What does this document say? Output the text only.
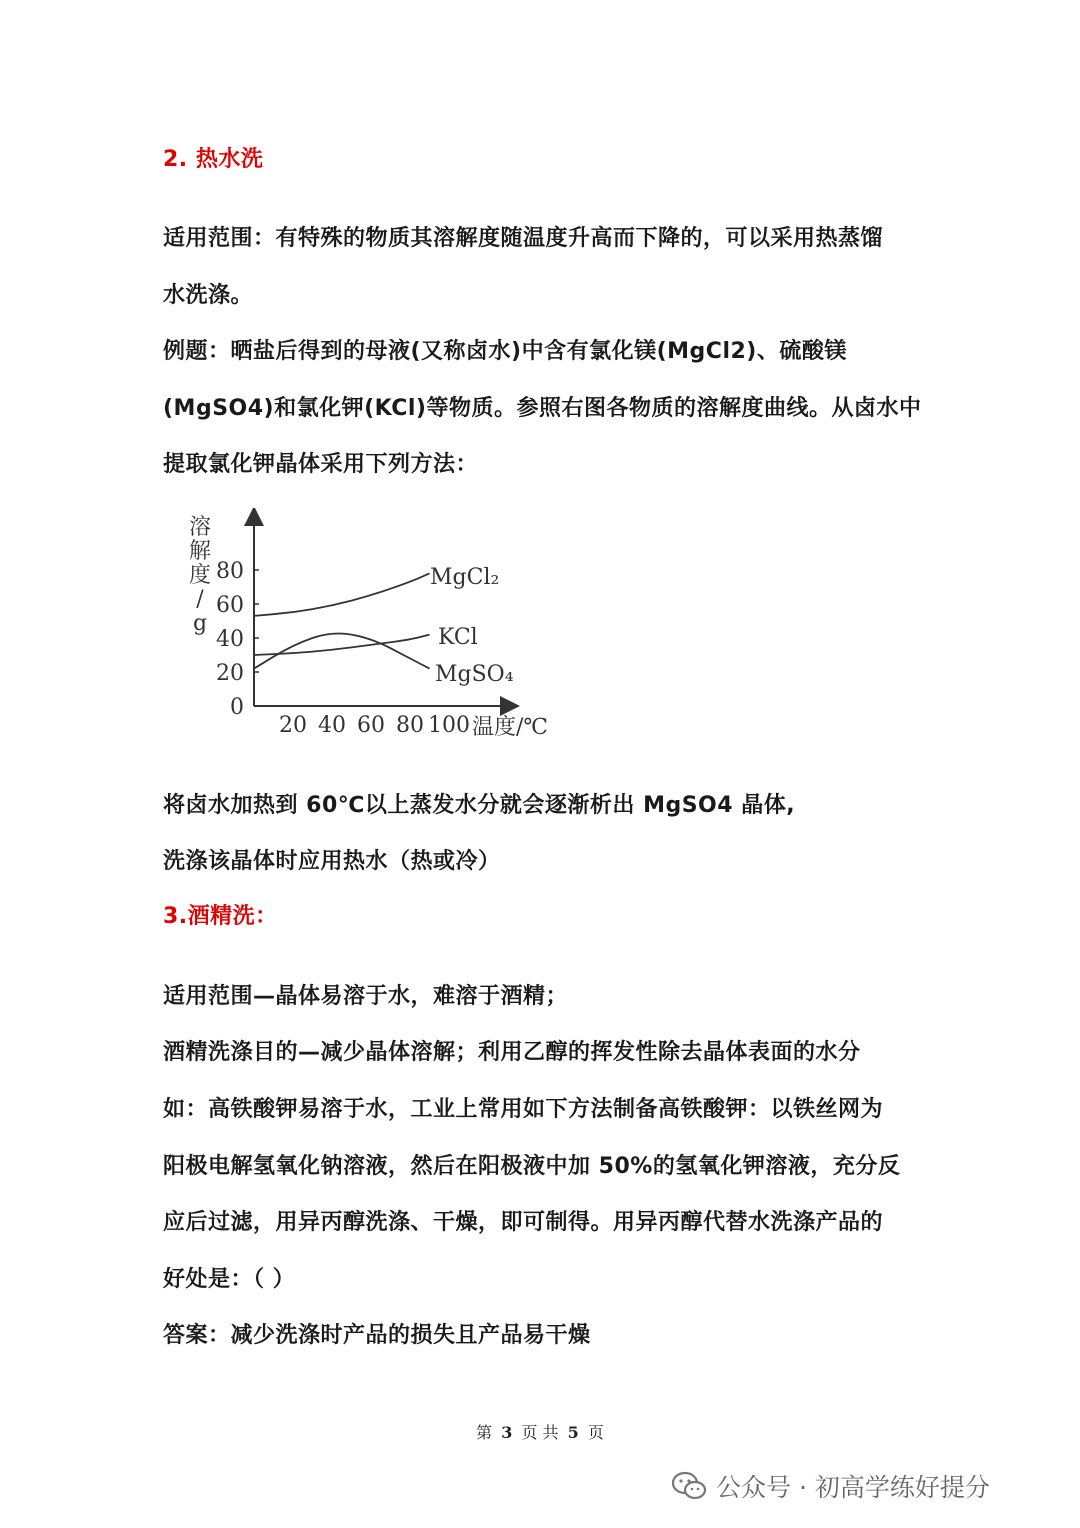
2. 热水洗

适用范围：有特殊的物质其溶解度随温度升高而下降的，可以采用热蒸馏

水洗涤。

例题：晒盐后得到的母液(又称卤水)中含有氯化镁(MgCl2)、硫酸镁

(MgSO4)和氯化钾(KCl)等物质。参照右图各物质的溶解度曲线。从卤水中

提取氯化钾晶体采用下列方法：

0
20
40
60
80
20 40 60 80 100
溶解度/ g
温度/℃
MgCl₂
KCl
MgSO₄

将卤水加热到 60℃以上蒸发水分就会逐渐析出 MgSO4 晶体,

洗涤该晶体时应用热水（热或冷）

3.酒精洗：

适用范围—晶体易溶于水，难溶于酒精；

酒精洗涤目的—减少晶体溶解；利用乙醇的挥发性除去晶体表面的水分

如：高铁酸钾易溶于水，工业上常用如下方法制备高铁酸钾：以铁丝网为

阳极电解氢氧化钠溶液，然后在阳极液中加 50%的氢氧化钾溶液，充分反

应后过滤，用异丙醇洗涤、干燥，即可制得。用异丙醇代替水洗涤产品的

好处是：（ ）

答案：减少洗涤时产品的损失且产品易干燥

第 3 页 共 5 页
公众号 · 初高学练好提分
